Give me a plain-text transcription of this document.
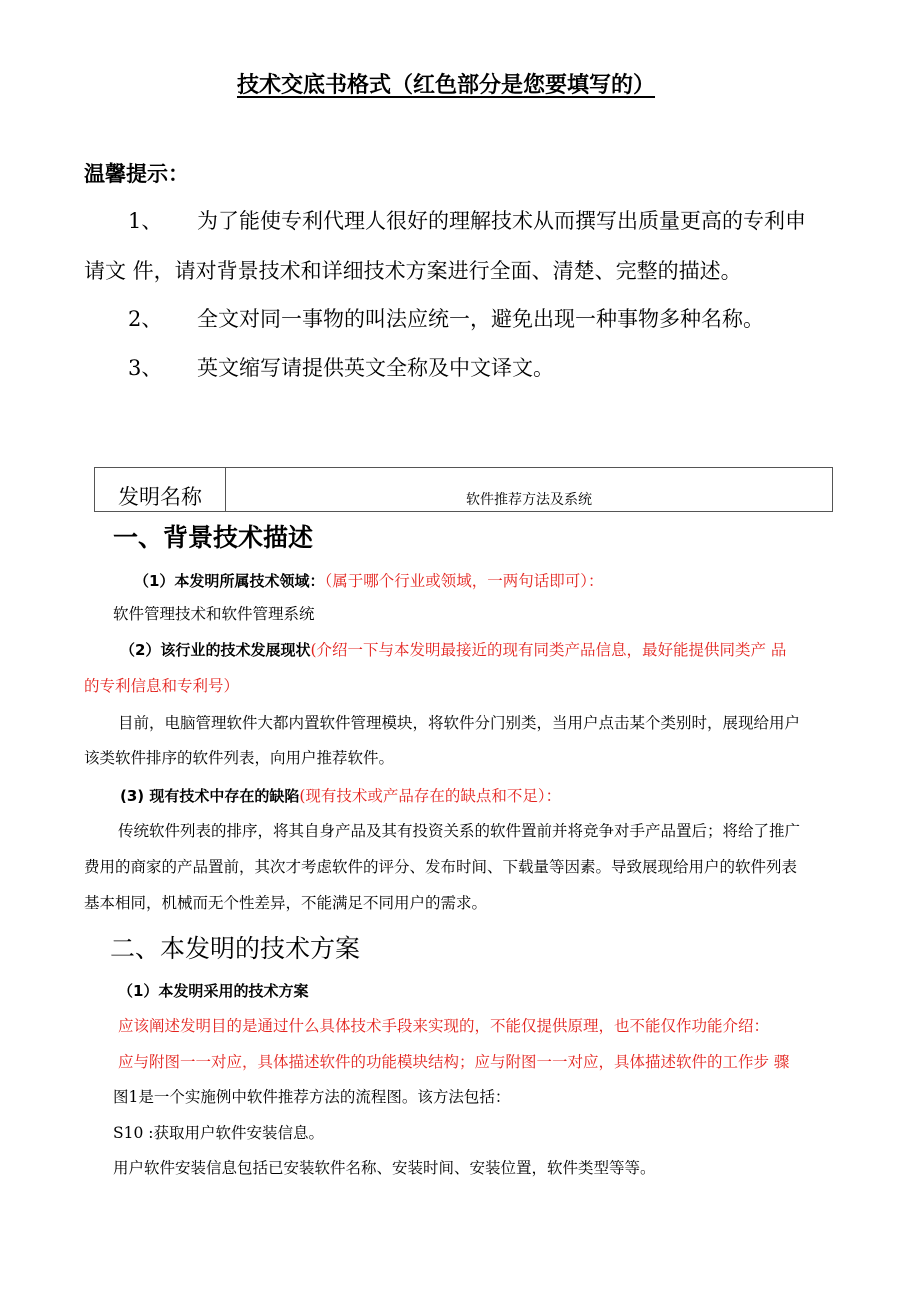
技术交底书格式（红色部分是您要填写的）
温馨提示：
1、 为了能使专利代理人很好的理解技术从而撰写出质量更高的专利申
请文 件，请对背景技术和详细技术方案进行全面、清楚、完整的描述。
2、 全文对同一事物的叫法应统一，避免出现一种事物多种名称。
3、 英文缩写请提供英文全称及中文译文。
发明名称	软件推荐方法及系统
一、背景技术描述
（1）本发明所属技术领域：（属于哪个行业或领域，一两句话即可）：
软件管理技术和软件管理系统
（2）该行业的技术发展现状(介绍一下与本发明最接近的现有同类产品信息，最好能提供同类产 品
的专利信息和专利号）
目前，电脑管理软件大都内置软件管理模块，将软件分门别类，当用户点击某个类别时，展现给用户
该类软件排序的软件列表，向用户推荐软件。
(3) 现有技术中存在的缺陷(现有技术或产品存在的缺点和不足）：
传统软件列表的排序，将其自身产品及其有投资关系的软件置前并将竞争对手产品置后；将给了推广
费用的商家的产品置前，其次才考虑软件的评分、发布时间、下载量等因素。导致展现给用户的软件列表
基本相同，机械而无个性差异，不能满足不同用户的需求。
二、本发明的技术方案
（1）本发明采用的技术方案
应该阐述发明目的是通过什么具体技术手段来实现的，不能仅提供原理，也不能仅作功能介绍：
应与附图一一对应，具体描述软件的功能模块结构；应与附图一一对应，具体描述软件的工作步 骤
图1是一个实施例中软件推荐方法的流程图。该方法包括：
S10 :获取用户软件安装信息。
用户软件安装信息包括已安装软件名称、安装时间、安装位置，软件类型等等。
